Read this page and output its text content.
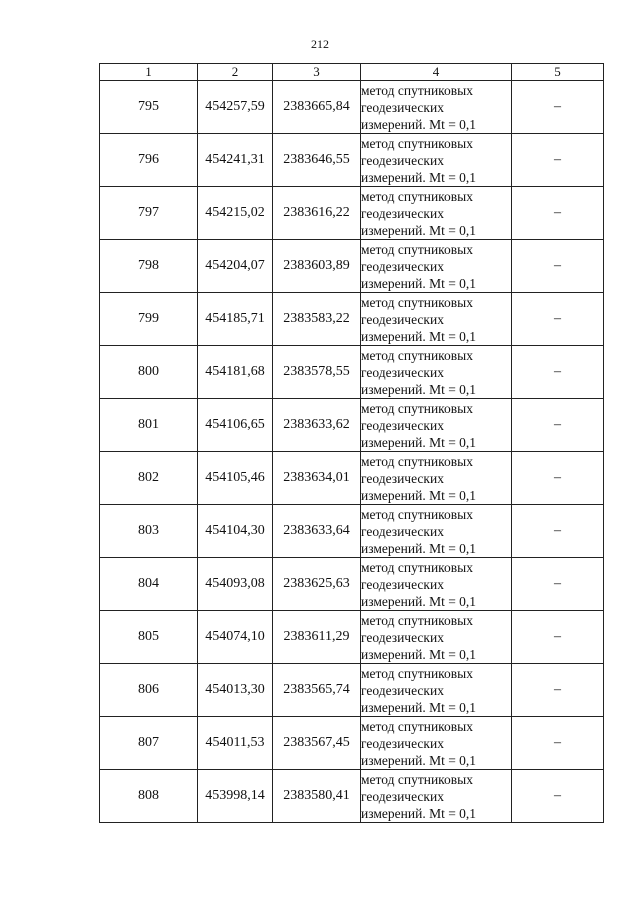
212
1	2	3	4	5
795	454257,59	2383665,84	метод спутниковых
геодезических
измерений. Mt = 0,1	–
796	454241,31	2383646,55	метод спутниковых
геодезических
измерений. Mt = 0,1	–
797	454215,02	2383616,22	метод спутниковых
геодезических
измерений. Mt = 0,1	–
798	454204,07	2383603,89	метод спутниковых
геодезических
измерений. Mt = 0,1	–
799	454185,71	2383583,22	метод спутниковых
геодезических
измерений. Mt = 0,1	–
800	454181,68	2383578,55	метод спутниковых
геодезических
измерений. Mt = 0,1	–
801	454106,65	2383633,62	метод спутниковых
геодезических
измерений. Mt = 0,1	–
802	454105,46	2383634,01	метод спутниковых
геодезических
измерений. Mt = 0,1	–
803	454104,30	2383633,64	метод спутниковых
геодезических
измерений. Mt = 0,1	–
804	454093,08	2383625,63	метод спутниковых
геодезических
измерений. Mt = 0,1	–
805	454074,10	2383611,29	метод спутниковых
геодезических
измерений. Mt = 0,1	–
806	454013,30	2383565,74	метод спутниковых
геодезических
измерений. Mt = 0,1	–
807	454011,53	2383567,45	метод спутниковых
геодезических
измерений. Mt = 0,1	–
808	453998,14	2383580,41	метод спутниковых
геодезических
измерений. Mt = 0,1	–
